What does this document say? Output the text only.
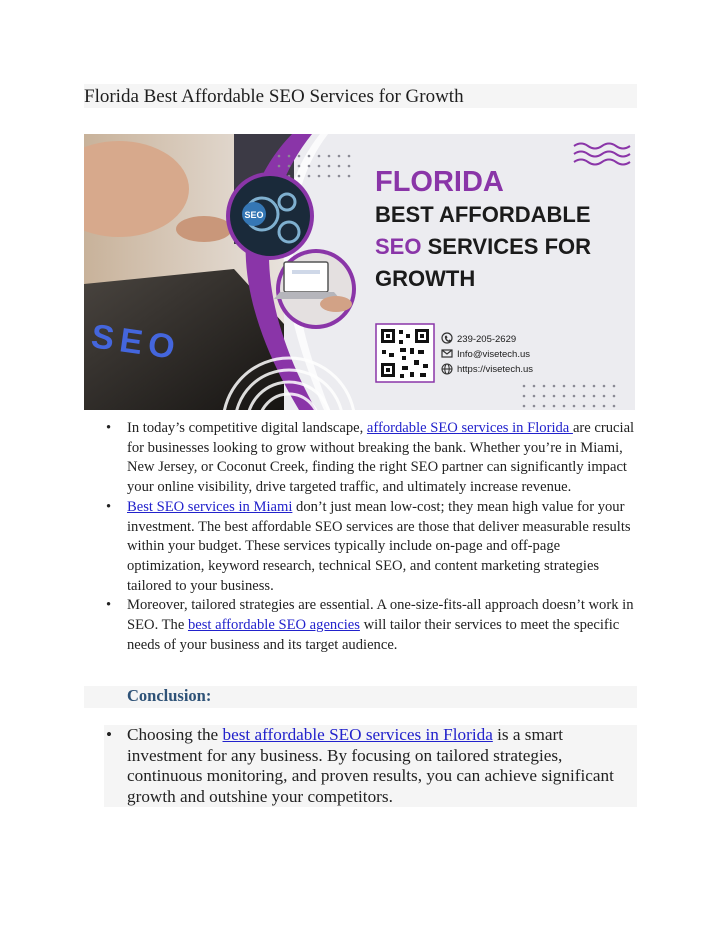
Florida Best Affordable SEO Services for Growth
SEO
SEO
FLORIDA
BEST AFFORDABLE
SEO SERVICES FOR
GROWTH
239-205-2629
Info@visetech.us
https://visetech.us
• In today’s competitive digital landscape, affordable SEO services in Florida are crucial for businesses looking to grow without breaking the bank. Whether you’re in Miami, New Jersey, or Coconut Creek, finding the right SEO partner can significantly impact your online visibility, drive targeted traffic, and ultimately increase revenue.
• Best SEO services in Miami don’t just mean low-cost; they mean high value for your investment. The best affordable SEO services are those that deliver measurable results within your budget. These services typically include on-page and off-page optimization, keyword research, technical SEO, and content marketing strategies tailored to your business.
• Moreover, tailored strategies are essential. A one-size-fits-all approach doesn’t work in SEO. The best affordable SEO agencies will tailor their services to meet the specific needs of your business and its target audience.
Conclusion:
• Choosing the best affordable SEO services in Florida is a smart investment for any business. By focusing on tailored strategies, continuous monitoring, and proven results, you can achieve significant growth and outshine your competitors.
